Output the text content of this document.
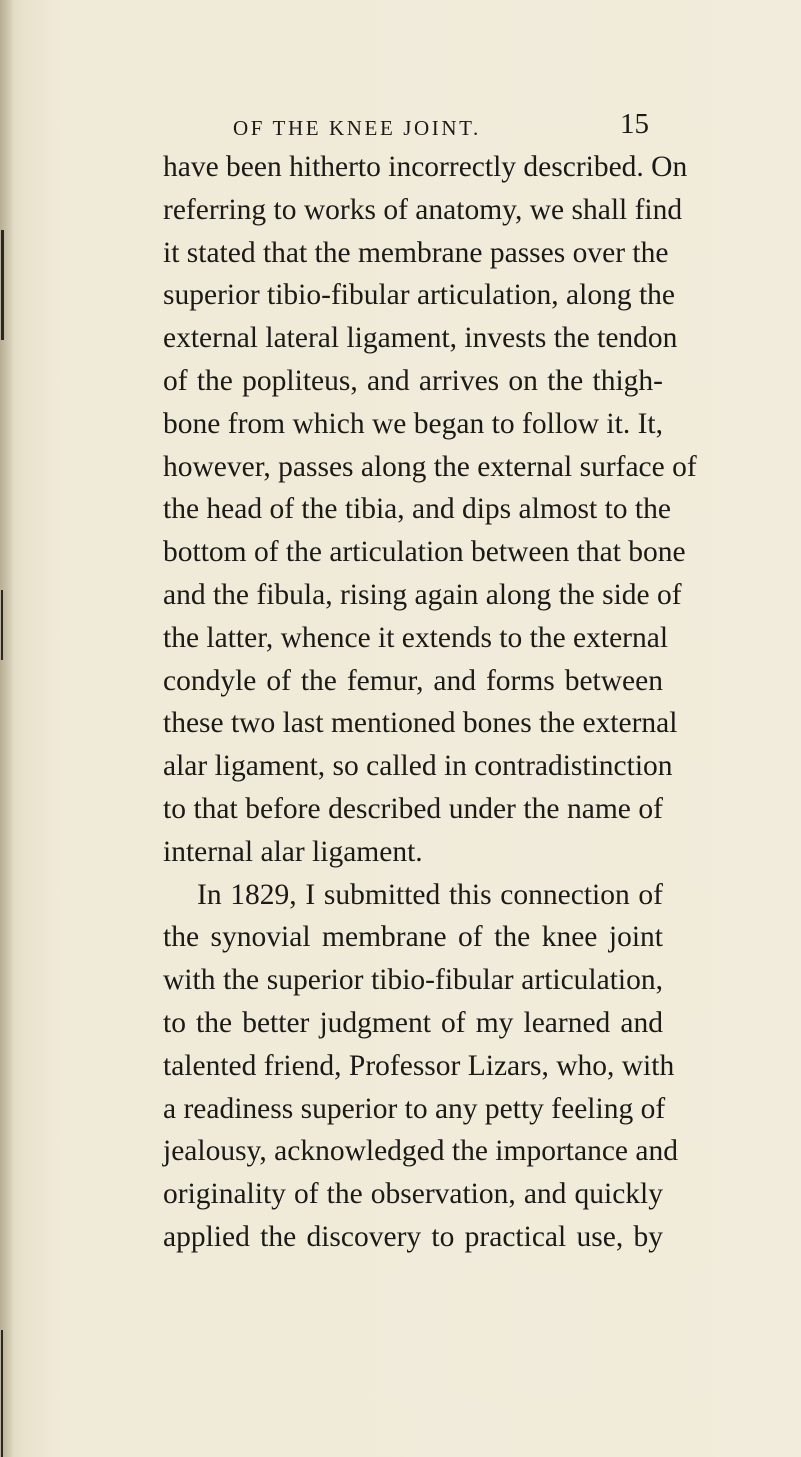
OF THE KNEE JOINT.	15
have been hitherto incorrectly described. On
referring to works of anatomy, we shall find
it stated that the membrane passes over the
superior tibio-fibular articulation, along the
external lateral ligament, invests the tendon
of the popliteus, and arrives on the thigh-
bone from which we began to follow it. It,
however, passes along the external surface of
the head of the tibia, and dips almost to the
bottom of the articulation between that bone
and the fibula, rising again along the side of
the latter, whence it extends to the external
condyle of the femur, and forms between
these two last mentioned bones the external
alar ligament, so called in contradistinction
to that before described under the name of
internal alar ligament.
In 1829, I submitted this connection of
the synovial membrane of the knee joint
with the superior tibio-fibular articulation,
to the better judgment of my learned and
talented friend, Professor Lizars, who, with
a readiness superior to any petty feeling of
jealousy, acknowledged the importance and
originality of the observation, and quickly
applied the discovery to practical use, by
